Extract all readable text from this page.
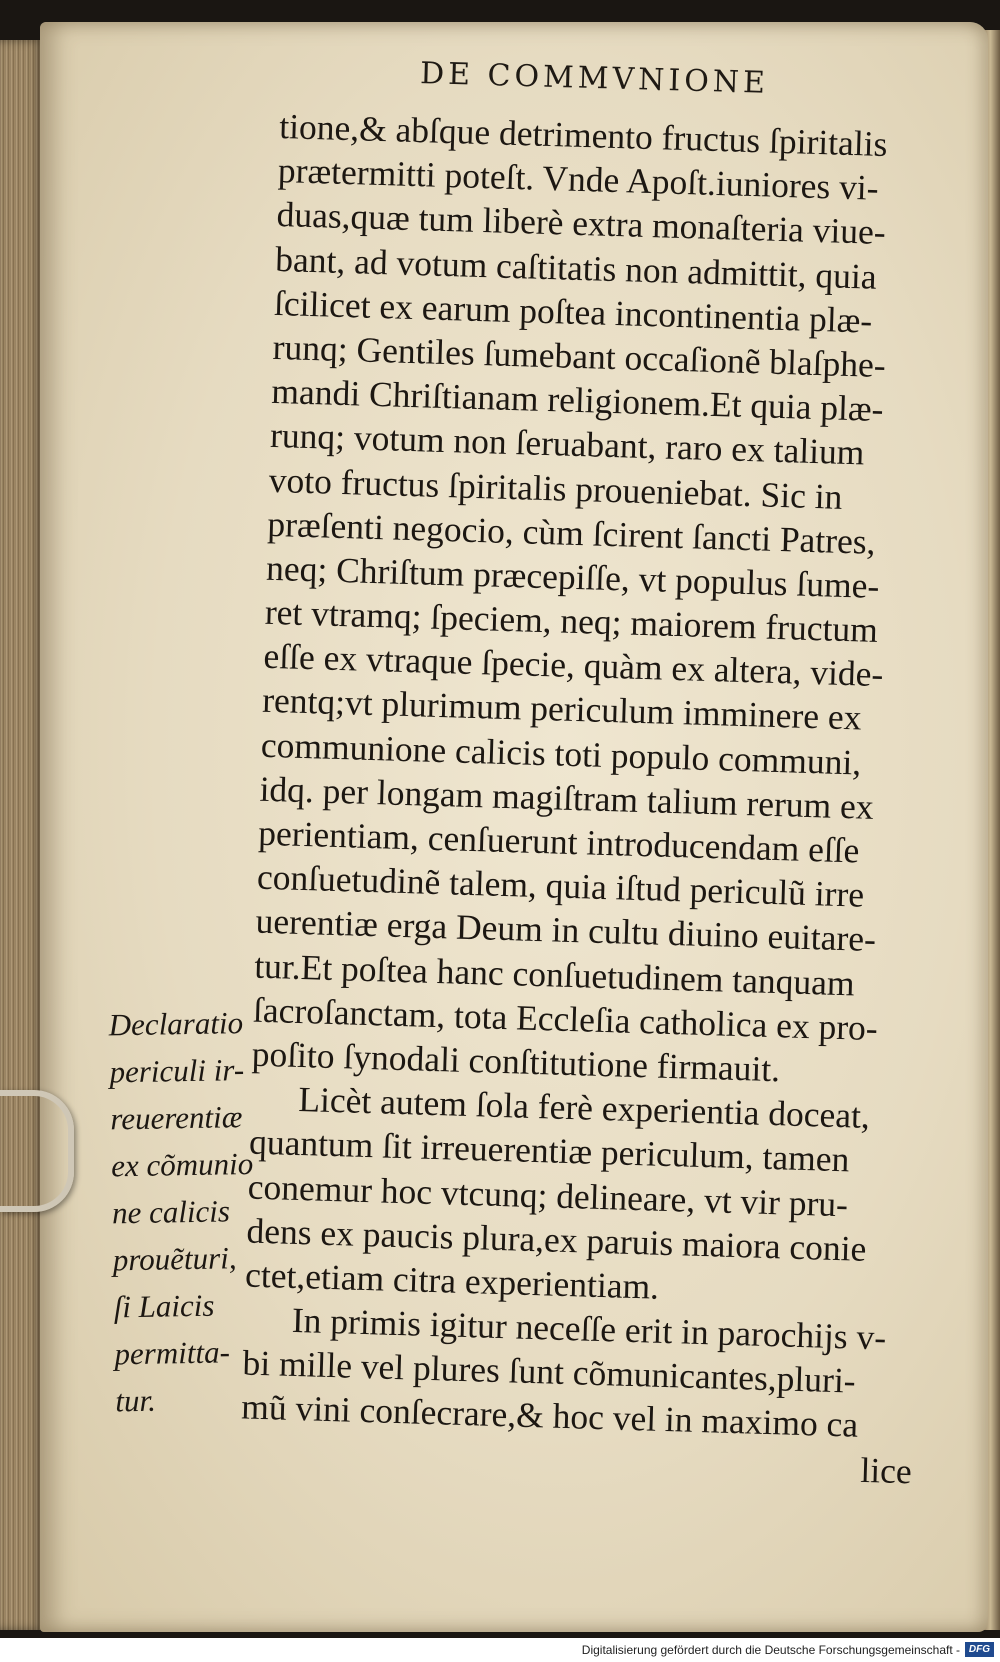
DE COMMVNIONE
tione,& abſque detrimento fructus ſpiritalis
prætermitti poteſt. Vnde Apoſt.iuniores vi-
duas,quæ tum liberè extra monaſteria viue-
bant, ad votum caſtitatis non admittit, quia
ſcilicet ex earum poſtea incontinentia plæ-
runq; Gentiles ſumebant occaſionẽ blaſphe-
mandi Chriſtianam religionem.Et quia plæ-
runq; votum non ſeruabant, raro ex talium
voto fructus ſpiritalis proueniebat. Sic in
præſenti negocio, cùm ſcirent ſancti Patres,
neq; Chriſtum præcepiſſe, vt populus ſume-
ret vtramq; ſpeciem, neq; maiorem fructum
eſſe ex vtraque ſpecie, quàm ex altera, vide-
rentq;vt plurimum periculum imminere ex
communione calicis toti populo communi,
idq. per longam magiſtram talium rerum ex
perientiam, cenſuerunt introducendam eſſe
conſuetudinẽ talem, quia iſtud periculũ irre
uerentiæ erga Deum in cultu diuino euitare-
tur.Et poſtea hanc conſuetudinem tanquam
ſacroſanctam, tota Eccleſia catholica ex pro-
poſito ſynodali conſtitutione firmauit.
Licèt autem ſola ferè experientia doceat,
quantum ſit irreuerentiæ periculum, tamen
conemur hoc vtcunq; delineare, vt vir pru-
dens ex paucis plura,ex paruis maiora conie
ctet,etiam citra experientiam.
In primis igitur neceſſe erit in parochijs v-
bi mille vel plures ſunt cõmunicantes,pluri-
mũ vini conſecrare,& hoc vel in maximo ca
lice
Declaratio
periculi ir-
reuerentiæ
ex cõmunio
ne calicis
prouẽturi,
ſi Laicis
permitta-
tur.
Digitalisierung gefördert durch die Deutsche Forschungsgemeinschaft - DFG
